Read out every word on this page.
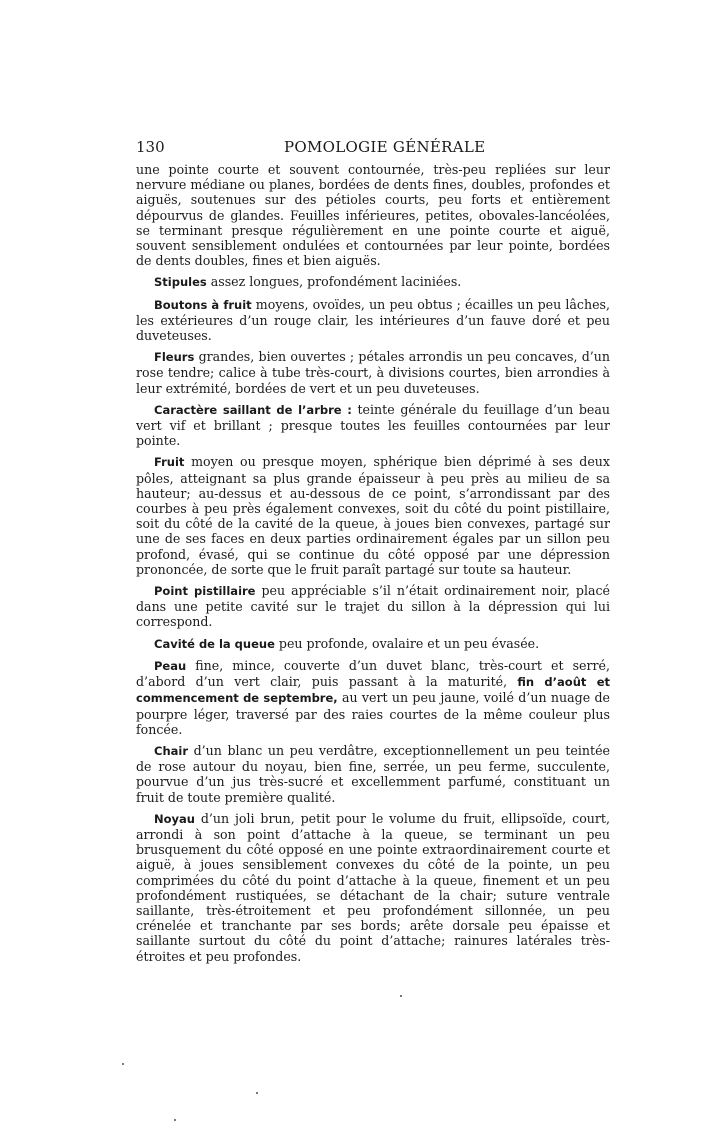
130	POMOLOGIE GÉNÉRALE

une pointe courte et souvent contournée, très-peu repliées sur leur nervure médiane ou planes, bordées de dents fines, doubles, profondes et aiguës, soutenues sur des pétioles courts, peu forts et entièrement dépourvus de glandes. Feuilles inférieures, petites, obovales-lancéolées, se terminant presque régulièrement en une pointe courte et aiguë, souvent sensiblement ondulées et contournées par leur pointe, bordées de dents doubles, fines et bien aiguës.

Stipules assez longues, profondément laciniées.

Boutons à fruit moyens, ovoïdes, un peu obtus ; écailles un peu lâches, les extérieures d’un rouge clair, les intérieures d’un fauve doré et peu duveteuses.

Fleurs grandes, bien ouvertes ; pétales arrondis un peu concaves, d’un rose tendre; calice à tube très-court, à divisions courtes, bien arrondies à leur extrémité, bordées de vert et un peu duveteuses.

Caractère saillant de l’arbre : teinte générale du feuillage d’un beau vert vif et brillant ; presque toutes les feuilles contournées par leur pointe.

Fruit moyen ou presque moyen, sphérique bien déprimé à ses deux pôles, atteignant sa plus grande épaisseur à peu près au milieu de sa hauteur; au-dessus et au-dessous de ce point, s’arrondissant par des courbes à peu près également convexes, soit du côté du point pistillaire, soit du côté de la cavité de la queue, à joues bien convexes, partagé sur une de ses faces en deux parties ordinairement égales par un sillon peu profond, évasé, qui se continue du côté opposé par une dépression prononcée, de sorte que le fruit paraît partagé sur toute sa hauteur.

Point pistillaire peu appréciable s’il n’était ordinairement noir, placé dans une petite cavité sur le trajet du sillon à la dépression qui lui correspond.

Cavité de la queue peu profonde, ovalaire et un peu évasée.

Peau fine, mince, couverte d’un duvet blanc, très-court et serré, d’abord d’un vert clair, puis passant à la maturité, fin d’août et commencement de septembre, au vert un peu jaune, voilé d’un nuage de pourpre léger, traversé par des raies courtes de la même couleur plus foncée.

Chair d’un blanc un peu verdâtre, exceptionnellement un peu teintée de rose autour du noyau, bien fine, serrée, un peu ferme, succulente, pourvue d’un jus très-sucré et excellemment parfumé, constituant un fruit de toute première qualité.

Noyau d’un joli brun, petit pour le volume du fruit, ellipsoïde, court, arrondi à son point d’attache à la queue, se terminant un peu brusquement du côté opposé en une pointe extraordinairement courte et aiguë, à joues sensiblement convexes du côté de la pointe, un peu comprimées du côté du point d’attache à la queue, finement et un peu profondément rustiquées, se détachant de la chair; suture ventrale saillante, très-étroitement et peu profondément sillonnée, un peu crénelée et tranchante par ses bords; arête dorsale peu épaisse et saillante surtout du côté du point d’attache; rainures latérales très-étroites et peu profondes.
